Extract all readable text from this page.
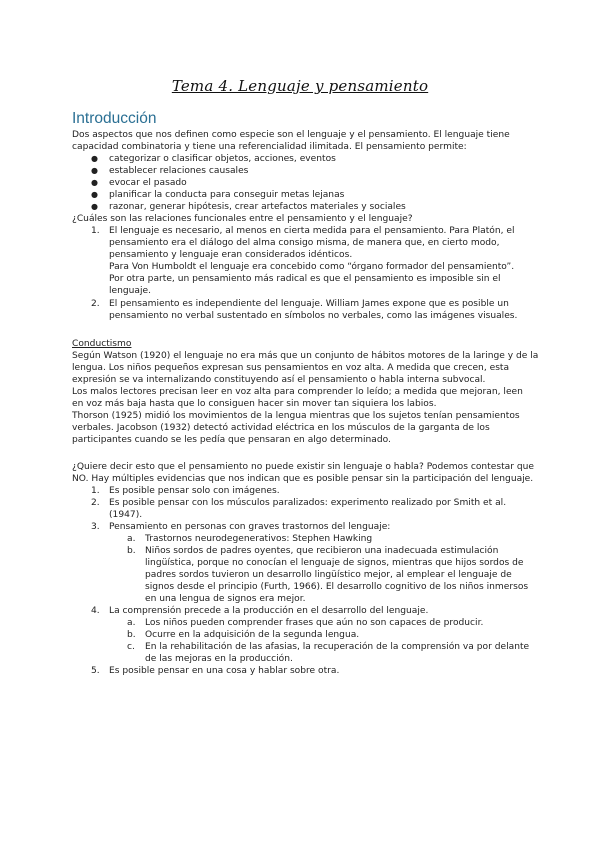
Tema 4. Lenguaje y pensamiento
Introducción
Dos aspectos que nos definen como especie son el lenguaje y el pensamiento. El lenguaje tiene
capacidad combinatoria y tiene una referencialidad ilimitada. El pensamiento permite:
● categorizar o clasificar objetos, acciones, eventos
● establecer relaciones causales
● evocar el pasado
● planificar la conducta para conseguir metas lejanas
● razonar, generar hipótesis, crear artefactos materiales y sociales
¿Cuáles son las relaciones funcionales entre el pensamiento y el lenguaje?
1. El lenguaje es necesario, al menos en cierta medida para el pensamiento. Para Platón, el
pensamiento era el diálogo del alma consigo misma, de manera que, en cierto modo,
pensamiento y lenguaje eran considerados idénticos.
Para Von Humboldt el lenguaje era concebido como “órgano formador del pensamiento”.
Por otra parte, un pensamiento más radical es que el pensamiento es imposible sin el
lenguaje.
2. El pensamiento es independiente del lenguaje. William James expone que es posible un
pensamiento no verbal sustentado en símbolos no verbales, como las imágenes visuales.
Conductismo
Según Watson (1920) el lenguaje no era más que un conjunto de hábitos motores de la laringe y de la
lengua. Los niños pequeños expresan sus pensamientos en voz alta. A medida que crecen, esta
expresión se va internalizando constituyendo así el pensamiento o habla interna subvocal.
Los malos lectores precisan leer en voz alta para comprender lo leído; a medida que mejoran, leen
en voz más baja hasta que lo consiguen hacer sin mover tan siquiera los labios.
Thorson (1925) midió los movimientos de la lengua mientras que los sujetos tenían pensamientos
verbales. Jacobson (1932) detectó actividad eléctrica en los músculos de la garganta de los
participantes cuando se les pedía que pensaran en algo determinado.
¿Quiere decir esto que el pensamiento no puede existir sin lenguaje o habla? Podemos contestar que
NO. Hay múltiples evidencias que nos indican que es posible pensar sin la participación del lenguaje.
1. Es posible pensar solo con imágenes.
2. Es posible pensar con los músculos paralizados: experimento realizado por Smith et al.
(1947).
3. Pensamiento en personas con graves trastornos del lenguaje:
a. Trastornos neurodegenerativos: Stephen Hawking
b. Niños sordos de padres oyentes, que recibieron una inadecuada estimulación
lingüística, porque no conocían el lenguaje de signos, mientras que hijos sordos de
padres sordos tuvieron un desarrollo lingüístico mejor, al emplear el lenguaje de
signos desde el principio (Furth, 1966). El desarrollo cognitivo de los niños inmersos
en una lengua de signos era mejor.
4. La comprensión precede a la producción en el desarrollo del lenguaje.
a. Los niños pueden comprender frases que aún no son capaces de producir.
b. Ocurre en la adquisición de la segunda lengua.
c. En la rehabilitación de las afasias, la recuperación de la comprensión va por delante
de las mejoras en la producción.
5. Es posible pensar en una cosa y hablar sobre otra.
